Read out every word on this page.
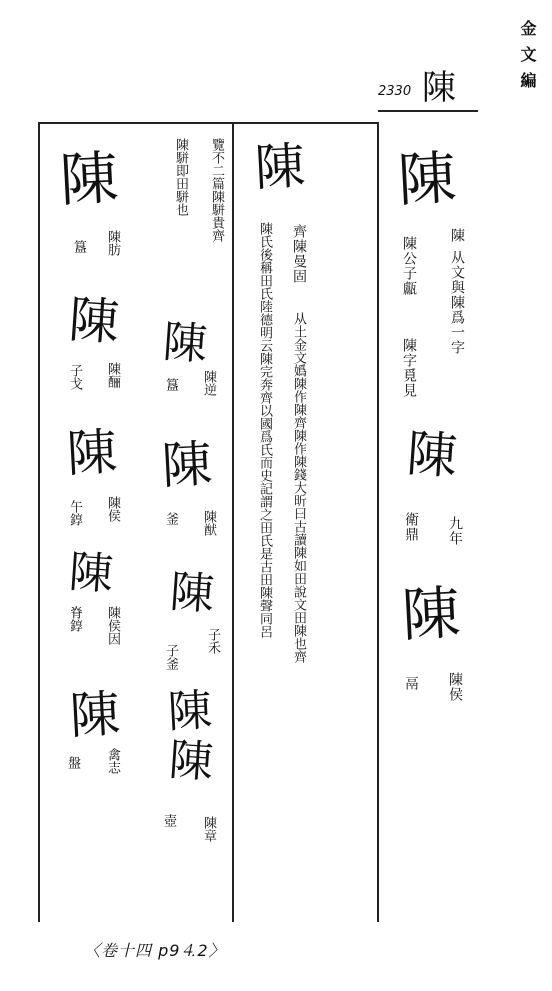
金文編
2330 陳
陳
陳
陳
陳
从文與陳爲一字
陳公子甗
陳字覓見
衛鼎 九年
鬲 陳侯
陳
齊陳曼固
从土金文嬀陳作陳齊陳作陳錢大昕曰古讀陳如田說文田陳也齊
陳氏後稱田氏陸德明云陳完奔齊以國爲氏而史記謂之田氏是古田陳聲同呂
覽不二篇陳駢貴齊
陳駢即田駢也
陳
陳逆
簋
陳
陳猷
釜
陳
子禾
子釜
陳
陳
陳章
壺
陳
陳肪
簋
陳
陳酾
子戈
陳
陳侯
午錞
陳
陳侯因
脊錞
陳
禽志
盤
〈卷十四 p9⒋2〉
